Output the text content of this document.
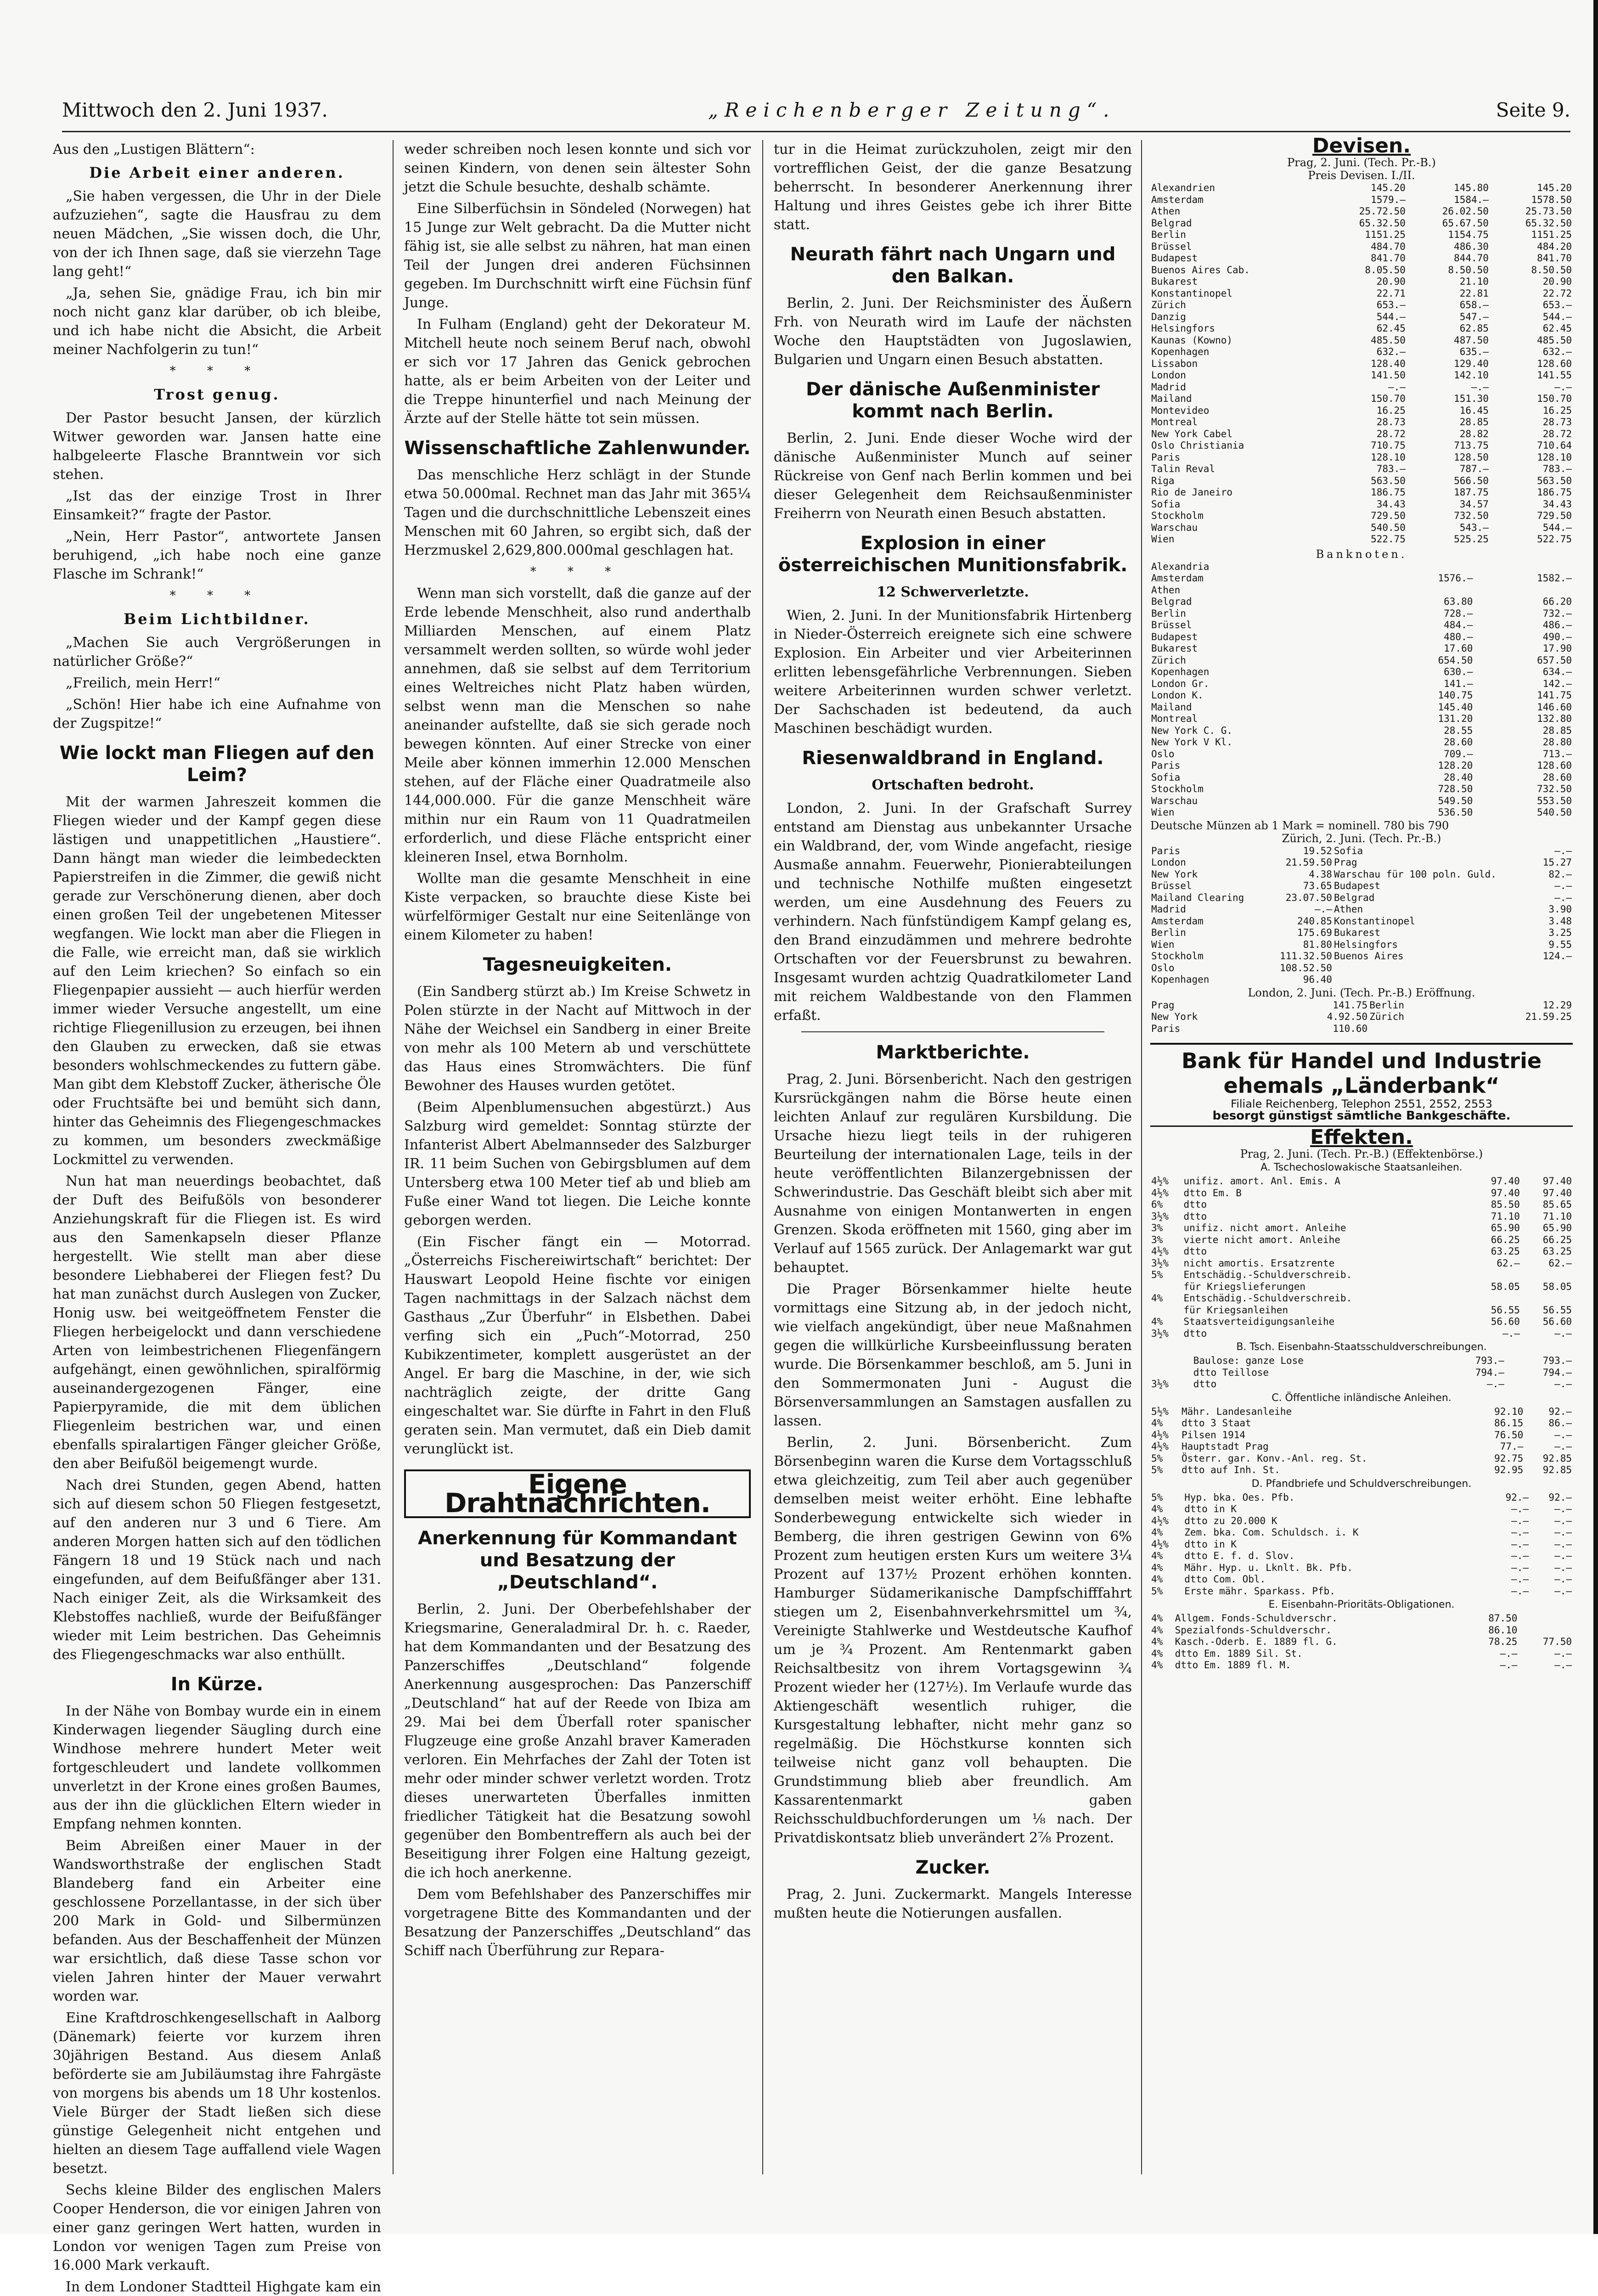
Mittwoch den 2. Juni 1937.	„Reichenberger Zeitung“.	Seite 9.

Aus den „Lustigen Blättern“:

Die Arbeit einer anderen.

„Sie haben vergessen, die Uhr in der Diele aufzuziehen“, sagte die Hausfrau zu dem neuen Mädchen, „Sie wissen doch, die Uhr, von der ich Ihnen sage, daß sie vierzehn Tage lang geht!“

„Ja, sehen Sie, gnädige Frau, ich bin mir noch nicht ganz klar darüber, ob ich bleibe, und ich habe nicht die Absicht, die Arbeit meiner Nachfolgerin zu tun!“

* * *
Trost genug.

Der Pastor besucht Jansen, der kürzlich Witwer geworden war. Jansen hatte eine halbgeleerte Flasche Branntwein vor sich stehen.

„Ist das der einzige Trost in Ihrer Einsamkeit?“ fragte der Pastor.

„Nein, Herr Pastor“, antwortete Jansen beruhigend, „ich habe noch eine ganze Flasche im Schrank!“

* * *
Beim Lichtbildner.

„Machen Sie auch Vergrößerungen in natürlicher Größe?“

„Freilich, mein Herr!“

„Schön! Hier habe ich eine Aufnahme von der Zugspitze!“

Wie lockt man Fliegen auf den Leim?

Mit der warmen Jahreszeit kommen die Fliegen wieder und der Kampf gegen diese lästigen und unappetitlichen „Haustiere“. Dann hängt man wieder die leimbedeckten Papierstreifen in die Zimmer, die gewiß nicht gerade zur Verschönerung dienen, aber doch einen großen Teil der ungebetenen Mitesser wegfangen. Wie lockt man aber die Fliegen in die Falle, wie erreicht man, daß sie wirklich auf den Leim kriechen? So einfach so ein Fliegenpapier aussieht — auch hierfür werden immer wieder Versuche angestellt, um eine richtige Fliegenillusion zu erzeugen, bei ihnen den Glauben zu erwecken, daß sie etwas besonders wohlschmeckendes zu futtern gäbe. Man gibt dem Klebstoff Zucker, ätherische Öle oder Fruchtsäfte bei und bemüht sich dann, hinter das Geheimnis des Fliegengeschmackes zu kommen, um besonders zweckmäßige Lockmittel zu verwenden.

Nun hat man neuerdings beobachtet, daß der Duft des Beifußöls von besonderer Anziehungskraft für die Fliegen ist. Es wird aus den Samenkapseln dieser Pflanze hergestellt. Wie stellt man aber diese besondere Liebhaberei der Fliegen fest? Du hat man zunächst durch Auslegen von Zucker, Honig usw. bei weitgeöffnetem Fenster die Fliegen herbeigelockt und dann verschiedene Arten von leimbestrichenen Fliegenfängern aufgehängt, einen gewöhnlichen, spiralförmig auseinandergezogenen Fänger, eine Papierpyramide, die mit dem üblichen Fliegenleim bestrichen war, und einen ebenfalls spiralartigen Fänger gleicher Größe, den aber Beifußöl beigemengt wurde.

Nach drei Stunden, gegen Abend, hatten sich auf diesem schon 50 Fliegen festgesetzt, auf den anderen nur 3 und 6 Tiere. Am anderen Morgen hatten sich auf den tödlichen Fängern 18 und 19 Stück nach und nach eingefunden, auf dem Beifußfänger aber 131. Nach einiger Zeit, als die Wirksamkeit des Klebstoffes nachließ, wurde der Beifußfänger wieder mit Leim bestrichen. Das Geheimnis des Fliegengeschmacks war also enthüllt.

In Kürze.

In der Nähe von Bombay wurde ein in einem Kinderwagen liegender Säugling durch eine Windhose mehrere hundert Meter weit fortgeschleudert und landete vollkommen unverletzt in der Krone eines großen Baumes, aus der ihn die glücklichen Eltern wieder in Empfang nehmen konnten.

Beim Abreißen einer Mauer in der Wandsworthstraße der englischen Stadt Blandeberg fand ein Arbeiter eine geschlossene Porzellantasse, in der sich über 200 Mark in Gold- und Silbermünzen befanden. Aus der Beschaffenheit der Münzen war ersichtlich, daß diese Tasse schon vor vielen Jahren hinter der Mauer verwahrt worden war.

Eine Kraftdroschkengesellschaft in Aalborg (Dänemark) feierte vor kurzem ihren 30jährigen Bestand. Aus diesem Anlaß beförderte sie am Jubiläumstag ihre Fahrgäste von morgens bis abends um 18 Uhr kostenlos. Viele Bürger der Stadt ließen sich diese günstige Gelegenheit nicht entgehen und hielten an diesem Tage auffallend viele Wagen besetzt.

Sechs kleine Bilder des englischen Malers Cooper Henderson, die vor einigen Jahren von einer ganz geringen Wert hatten, wurden in London vor wenigen Tagen zum Preise von 16.000 Mark verkauft.

In dem Londoner Stadtteil Highgate kam ein

weder schreiben noch lesen konnte und sich vor seinen Kindern, von denen sein ältester Sohn jetzt die Schule besuchte, deshalb schämte.

Eine Silberfüchsin in Söndeled (Norwegen) hat 15 Junge zur Welt gebracht. Da die Mutter nicht fähig ist, sie alle selbst zu nähren, hat man einen Teil der Jungen drei anderen Füchsinnen gegeben. Im Durchschnitt wirft eine Füchsin fünf Junge.

In Fulham (England) geht der Dekorateur M. Mitchell heute noch seinem Beruf nach, obwohl er sich vor 17 Jahren das Genick gebrochen hatte, als er beim Arbeiten von der Leiter und die Treppe hinunterfiel und nach Meinung der Ärzte auf der Stelle hätte tot sein müssen.

Wissenschaftliche Zahlenwunder.

Das menschliche Herz schlägt in der Stunde etwa 50.000mal. Rechnet man das Jahr mit 365¼ Tagen und die durchschnittliche Lebenszeit eines Menschen mit 60 Jahren, so ergibt sich, daß der Herzmuskel 2,629,800.000mal geschlagen hat.

* * *

Wenn man sich vorstellt, daß die ganze auf der Erde lebende Menschheit, also rund anderthalb Milliarden Menschen, auf einem Platz versammelt werden sollten, so würde wohl jeder annehmen, daß sie selbst auf dem Territorium eines Weltreiches nicht Platz haben würden, selbst wenn man die Menschen so nahe aneinander aufstellte, daß sie sich gerade noch bewegen könnten. Auf einer Strecke von einer Meile aber können immerhin 12.000 Menschen stehen, auf der Fläche einer Quadratmeile also 144,000.000. Für die ganze Menschheit wäre mithin nur ein Raum von 11 Quadratmeilen erforderlich, und diese Fläche entspricht einer kleineren Insel, etwa Bornholm.

Wollte man die gesamte Menschheit in eine Kiste verpacken, so brauchte diese Kiste bei würfelförmiger Gestalt nur eine Seitenlänge von einem Kilometer zu haben!

Tagesneuigkeiten.

(Ein Sandberg stürzt ab.) Im Kreise Schwetz in Polen stürzte in der Nacht auf Mittwoch in der Nähe der Weichsel ein Sandberg in einer Breite von mehr als 100 Metern ab und verschüttete das Haus eines Stromwächters. Die fünf Bewohner des Hauses wurden getötet.

(Beim Alpenblumensuchen abgestürzt.) Aus Salzburg wird gemeldet: Sonntag stürzte der Infanterist Albert Abelmannseder des Salzburger IR. 11 beim Suchen von Gebirgsblumen auf dem Untersberg etwa 100 Meter tief ab und blieb am Fuße einer Wand tot liegen. Die Leiche konnte geborgen werden.

(Ein Fischer fängt ein — Motorrad. „Österreichs Fischereiwirtschaft“ berichtet: Der Hauswart Leopold Heine fischte vor einigen Tagen nachmittags in der Salzach nächst dem Gasthaus „Zur Überfuhr“ in Elsbethen. Dabei verfing sich ein „Puch“-Motorrad, 250 Kubikzentimeter, komplett ausgerüstet an der Angel. Er barg die Maschine, in der, wie sich nachträglich zeigte, der dritte Gang eingeschaltet war. Sie dürfte in Fahrt in den Fluß geraten sein. Man vermutet, daß ein Dieb damit verunglückt ist.

Eigene Drahtnachrichten.
Anerkennung für Kommandant und Besatzung der „Deutschland“.

Berlin, 2. Juni. Der Oberbefehlshaber der Kriegsmarine, Generaladmiral Dr. h. c. Raeder, hat dem Kommandanten und der Besatzung des Panzerschiffes „Deutschland“ folgende Anerkennung ausgesprochen: Das Panzerschiff „Deutschland“ hat auf der Reede von Ibiza am 29. Mai bei dem Überfall roter spanischer Flugzeuge eine große Anzahl braver Kameraden verloren. Ein Mehrfaches der Zahl der Toten ist mehr oder minder schwer verletzt worden. Trotz dieses unerwarteten Überfalles inmitten friedlicher Tätigkeit hat die Besatzung sowohl gegenüber den Bombentreffern als auch bei der Beseitigung ihrer Folgen eine Haltung gezeigt, die ich hoch anerkenne.

Dem vom Befehlshaber des Panzerschiffes mir vorgetragene Bitte des Kommandanten und der Besatzung der Panzerschiffes „Deutschland“ das Schiff nach Überführung zur Repara-

tur in die Heimat zurückzuholen, zeigt mir den vortrefflichen Geist, der die ganze Besatzung beherrscht. In besonderer Anerkennung ihrer Haltung und ihres Geistes gebe ich ihrer Bitte statt.

Neurath fährt nach Ungarn und den Balkan.

Berlin, 2. Juni. Der Reichsminister des Äußern Frh. von Neurath wird im Laufe der nächsten Woche den Hauptstädten von Jugoslawien, Bulgarien und Ungarn einen Besuch abstatten.

Der dänische Außenminister kommt nach Berlin.

Berlin, 2. Juni. Ende dieser Woche wird der dänische Außenminister Munch auf seiner Rückreise von Genf nach Berlin kommen und bei dieser Gelegenheit dem Reichsaußenminister Freiherrn von Neurath einen Besuch abstatten.

Explosion in einer österreichischen Munitionsfabrik.
12 Schwerverletzte.

Wien, 2. Juni. In der Munitionsfabrik Hirtenberg in Nieder-Österreich ereignete sich eine schwere Explosion. Ein Arbeiter und vier Arbeiterinnen erlitten lebensgefährliche Verbrennungen. Sieben weitere Arbeiterinnen wurden schwer verletzt. Der Sachschaden ist bedeutend, da auch Maschinen beschädigt wurden.

Riesenwaldbrand in England.
Ortschaften bedroht.

London, 2. Juni. In der Grafschaft Surrey entstand am Dienstag aus unbekannter Ursache ein Waldbrand, der, vom Winde angefacht, riesige Ausmaße annahm. Feuerwehr, Pionierabteilungen und technische Nothilfe mußten eingesetzt werden, um eine Ausdehnung des Feuers zu verhindern. Nach fünfstündigem Kampf gelang es, den Brand einzudämmen und mehrere bedrohte Ortschaften vor der Feuersbrunst zu bewahren. Insgesamt wurden achtzig Quadratkilometer Land mit reichem Waldbestande von den Flammen erfaßt.

Marktberichte.

Prag, 2. Juni. Börsenbericht. Nach den gestrigen Kursrückgängen nahm die Börse heute einen leichten Anlauf zur regulären Kursbildung. Die Ursache hiezu liegt teils in der ruhigeren Beurteilung der internationalen Lage, teils in der heute veröffentlichten Bilanzergebnissen der Schwerindustrie. Das Geschäft bleibt sich aber mit Ausnahme von einigen Montanwerten in engen Grenzen. Skoda eröffneten mit 1560, ging aber im Verlauf auf 1565 zurück. Der Anlagemarkt war gut behauptet.

Die Prager Börsenkammer hielte heute vormittags eine Sitzung ab, in der jedoch nicht, wie vielfach angekündigt, über neue Maßnahmen gegen die willkürliche Kursbeeinflussung beraten wurde. Die Börsenkammer beschloß, am 5. Juni in den Sommermonaten Juni - August die Börsenversammlungen an Samstagen ausfallen zu lassen.

Berlin, 2. Juni. Börsenbericht. Zum Börsenbeginn waren die Kurse dem Vortagsschluß etwa gleichzeitig, zum Teil aber auch gegenüber demselben meist weiter erhöht. Eine lebhafte Sonderbewegung entwickelte sich wieder in Bemberg, die ihren gestrigen Gewinn von 6% Prozent zum heutigen ersten Kurs um weitere 3¼ Prozent auf 137½ Prozent erhöhen konnten. Hamburger Südamerikanische Dampfschifffahrt stiegen um 2, Eisenbahnverkehrsmittel um ¾, Vereinigte Stahlwerke und Westdeutsche Kaufhof um je ¾ Prozent. Am Rentenmarkt gaben Reichsaltbesitz von ihrem Vortagsgewinn ¾ Prozent wieder her (127½). Im Verlaufe wurde das Aktiengeschäft wesentlich ruhiger, die Kursgestaltung lebhafter, nicht mehr ganz so regelmäßig. Die Höchstkurse konnten sich teilweise nicht ganz voll behaupten. Die Grundstimmung blieb aber freundlich. Am Kassarentenmarkt gaben Reichsschuldbuchforderungen um ⅛ nach. Der Privatdiskontsatz blieb unverändert 2⅞ Prozent.

Zucker.

Prag, 2. Juni. Zuckermarkt. Mangels Interesse mußten heute die Notierungen ausfallen.

Devisen.
Prag, 2. Juni. (Tech. Pr.-B.)
Preis Devisen. I./II.
Alexandrien	145.20	145.80	145.20
Amsterdam	1579.—	1584.—	1578.50
Athen	25.72.50	26.02.50	25.73.50
Belgrad	65.32.50	65.67.50	65.32.50
Berlin	1151.25	1154.75	1151.25
Brüssel	484.70	486.30	484.20
Budapest	841.70	844.70	841.70
Buenos Aires Cab.	8.05.50	8.50.50	8.50.50
Bukarest	20.90	21.10	20.90
Konstantinopel	22.71	22.81	22.72
Zürich	653.—	658.—	653.—
Danzig	544.—	547.—	544.—
Helsingfors	62.45	62.85	62.45
Kaunas (Kowno)	485.50	487.50	485.50
Kopenhagen	632.—	635.—	632.—
Lissabon	128.40	129.40	128.60
London	141.50	142.10	141.55
Madrid	—.—	—.—	—.—
Mailand	150.70	151.30	150.70
Montevideo	16.25	16.45	16.25
Montreal	28.73	28.85	28.73
New York Cabel	28.72	28.82	28.72
Oslo Christiania	710.75	713.75	710.64
Paris	128.10	128.50	128.10
Talin Reval	783.—	787.—	783.—
Riga	563.50	566.50	563.50
Rio de Janeiro	186.75	187.75	186.75
Sofia	34.43	34.57	34.43
Stockholm	729.50	732.50	729.50
Warschau	540.50	543.—	544.—
Wien	522.75	525.25	522.75
Banknoten.
Alexandria		
Amsterdam	1576.—	1582.—
Athen		
Belgrad	63.80	66.20
Berlin	728.—	732.—
Brüssel	484.—	486.—
Budapest	480.—	490.—
Bukarest	17.60	17.90
Zürich	654.50	657.50
Kopenhagen	630.—	634.—
London Gr.	141.—	142.—
London K.	140.75	141.75
Mailand	145.40	146.60
Montreal	131.20	132.80
New York C. G.	28.55	28.85
New York V Kl.	28.60	28.80
Oslo	709.—	713.—
Paris	128.20	128.60
Sofia	28.40	28.60
Stockholm	728.50	732.50
Warschau	549.50	553.50
Wien	536.50	540.50
Deutsche Münzen ab 1 Mark = nominell. 780 bis 790
Zürich, 2. Juni. (Tech. Pr.-B.)
Paris	19.52	Sofia	—.—
London	21.59.50	Prag	15.27
New York	4.38	Warschau für 100 poln. Guld.	82.—
Brüssel	73.65	Budapest	—.—
Mailand Clearing	23.07.50	Belgrad	—.—
Madrid	—.—	Athen	3.90
Amsterdam	240.85	Konstantinopel	3.48
Berlin	175.69	Bukarest	3.25
Wien	81.80	Helsingfors	9.55
Stockholm	111.32.50	Buenos Aires	124.—
Oslo	108.52.50		
Kopenhagen	96.40		
London, 2. Juni. (Tech. Pr.-B.) Eröffnung.
Prag	141.75	Berlin	12.29
New York	4.92.50	Zürich	21.59.25
Paris	110.60		
Bank für Handel und Industrie
ehemals „Länderbank“
Filiale Reichenberg, Telephon 2551, 2552, 2553
besorgt günstigst sämtliche Bankgeschäfte.
Effekten.
Prag, 2. Juni. (Tech. Pr.-B.) (Effektenbörse.)
A. Tschechoslowakische Staatsanleihen.
4½%	unifiz. amort. Anl. Emis. A	97.40	97.40
4½%	dtto Em. B	97.40	97.40
6%	dtto	85.50	85.65
3½%	dtto	71.10	71.10
3%	unifiz. nicht amort. Anleihe	65.90	65.90
3%	vierte nicht amort. Anleihe	66.25	66.25
4½%	dtto	63.25	63.25
3½%	nicht amortis. Ersatzrente	62.—	62.—
5%	Entschädig.-Schuldverschreib.		
	für Kriegslieferungen	58.05	58.05
4%	Entschädig.-Schuldverschreib.		
	für Kriegsanleihen	56.55	56.55
4%	Staatsverteidigungsanleihe	56.60	56.60
3½%	dtto	—.—	—.—
B. Tsch. Eisenbahn-Staatsschuldverschreibungen.
	Baulose: ganze Lose	793.—	793.—
	dtto Teillose	794.—	794.—
3½%	dtto	—.—	—.—
C. Öffentliche inländische Anleihen.
5½%	Mähr. Landesanleihe	92.10	92.—
4%	dtto 3 Staat	86.15	86.—
4½%	Pilsen 1914	76.50	—.—
4½%	Hauptstadt Prag	77.—	—.—
5%	Österr. gar. Konv.-Anl. reg. St.	92.75	92.85
5%	dtto auf Inh. St.	92.95	92.85
D. Pfandbriefe und Schuldverschreibungen.
5%	Hyp. bka. Oes. Pfb.	92.—	92.—
4%	dtto in K	—.—	—.—
4½%	dtto zu 20.000 K	—.—	—.—
4%	Zem. bka. Com. Schuldsch. i. K	—.—	—.—
4½%	dtto in K	—.—	—.—
4%	dtto E. f. d. Slov.	—.—	—.—
4%	Mähr. Hyp. u. Lknlt. Bk. Pfb.	—.—	—.—
4%	dtto Com. Obl.	—.—	—.—
5%	Erste mähr. Sparkass. Pfb.	—.—	—.—
E. Eisenbahn-Prioritäts-Obligationen.
4%	Allgem. Fonds-Schuldverschr.	87.50	
4%	Spezialfonds-Schuldverschr.	86.10	
4%	Kasch.-Oderb. E. 1889 fl. G.	78.25	77.50
4%	dtto Em. 1889 Sil. St.	—.—	—.—
4%	dtto Em. 1889 fl. M.	—.—	—.—
